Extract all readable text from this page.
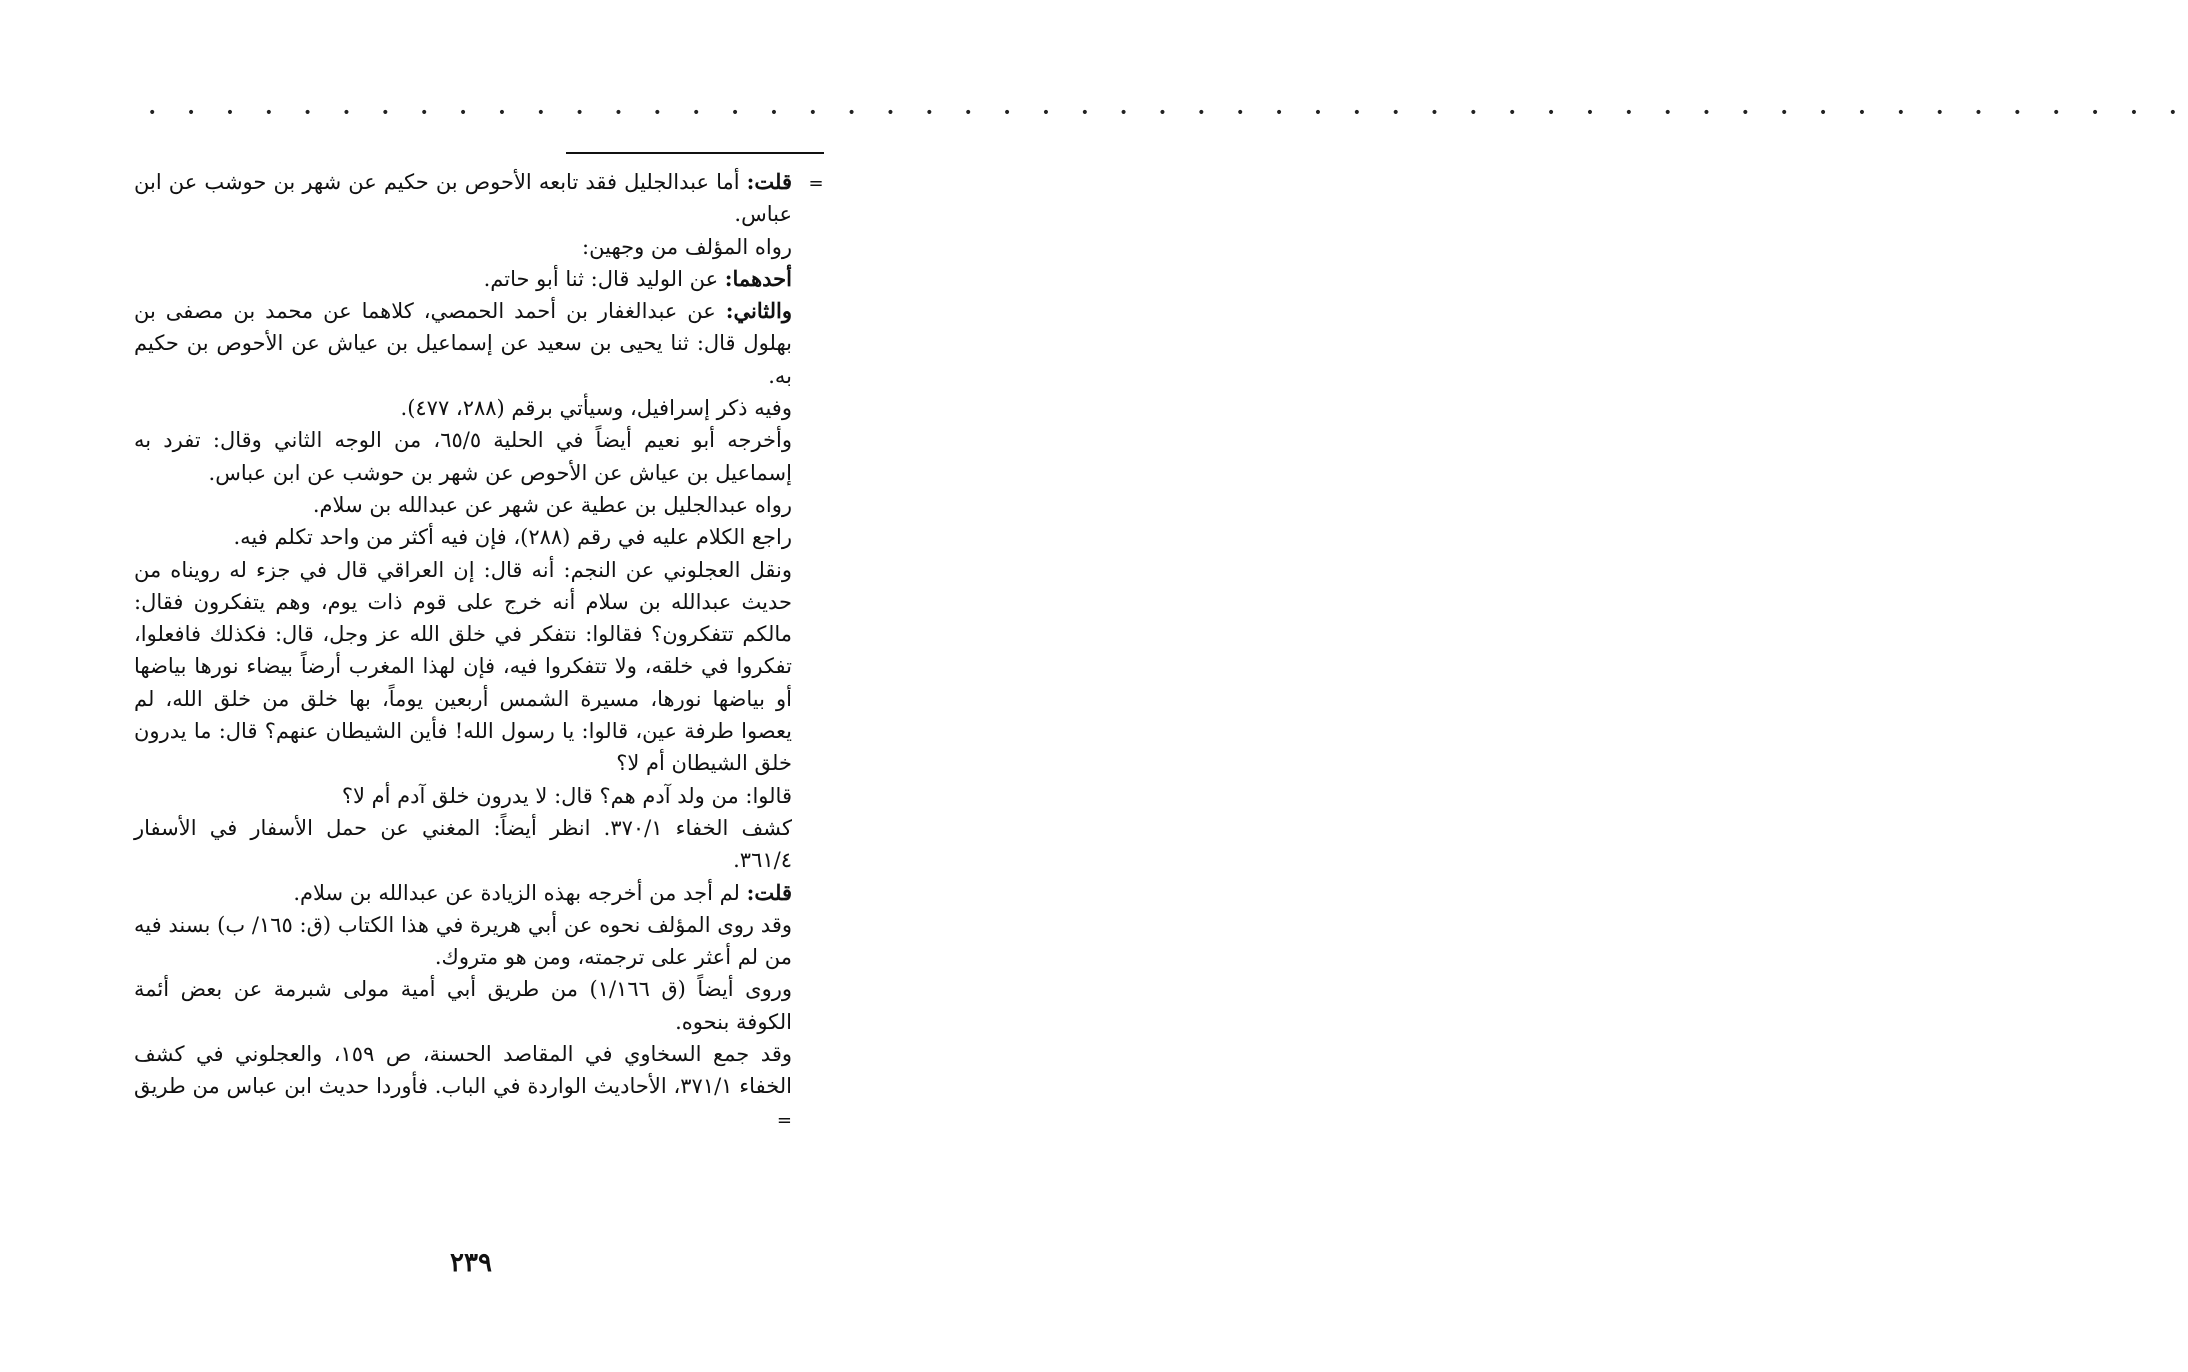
• • • • • • • • • • • • • • • • • • • • • • • • • • • • • • • • • • • • • • • • • • • • • • • • • • • • •
=

قلت: أما عبدالجليل فقد تابعه الأحوص بن حكيم عن شهر بن حوشب عن ابن عباس.

رواه المؤلف من وجهين:

أحدهما: عن الوليد قال: ثنا أبو حاتم.

والثاني: عن عبدالغفار بن أحمد الحمصي، كلاهما عن محمد بن مصفى بن بهلول قال: ثنا يحيى بن سعيد عن إسماعيل بن عياش عن الأحوص بن حكيم به.

وفيه ذكر إسرافيل، وسيأتي برقم (٢٨٨، ٤٧٧).

وأخرجه أبو نعيم أيضاً في الحلية ٦٥/٥، من الوجه الثاني وقال: تفرد به إسماعيل بن عياش عن الأحوص عن شهر بن حوشب عن ابن عباس.

رواه عبدالجليل بن عطية عن شهر عن عبدالله بن سلام.

راجع الكلام عليه في رقم (٢٨٨)، فإن فيه أكثر من واحد تكلم فيه.

ونقل العجلوني عن النجم: أنه قال: إن العراقي قال في جزء له رويناه من حديث عبدالله بن سلام أنه خرج على قوم ذات يوم، وهم يتفكرون فقال: مالكم تتفكرون؟ فقالوا: نتفكر في خلق الله عز وجل، قال: فكذلك فافعلوا، تفكروا في خلقه، ولا تتفكروا فيه، فإن لهذا المغرب أرضاً بيضاء نورها بياضها أو بياضها نورها، مسيرة الشمس أربعين يوماً، بها خلق من خلق الله، لم يعصوا طرفة عين، قالوا: يا رسول الله! فأين الشيطان عنهم؟ قال: ما يدرون خلق الشيطان أم لا؟

قالوا: من ولد آدم هم؟ قال: لا يدرون خلق آدم أم لا؟

كشف الخفاء ٣٧٠/١. انظر أيضاً: المغني عن حمل الأسفار في الأسفار ٣٦١/٤.

قلت: لم أجد من أخرجه بهذه الزيادة عن عبدالله بن سلام.

وقد روى المؤلف نحوه عن أبي هريرة في هذا الكتاب (ق: ١٦٥/ ب) بسند فيه من لم أعثر على ترجمته، ومن هو متروك.

وروى أيضاً (ق ١/١٦٦) من طريق أبي أمية مولى شبرمة عن بعض أئمة الكوفة بنحوه.

وقد جمع السخاوي في المقاصد الحسنة، ص ١٥٩، والعجلوني في كشف الخفاء ٣٧١/١، الأحاديث الواردة في الباب. فأوردا حديث ابن عباس من طريق =

٢٣٩
